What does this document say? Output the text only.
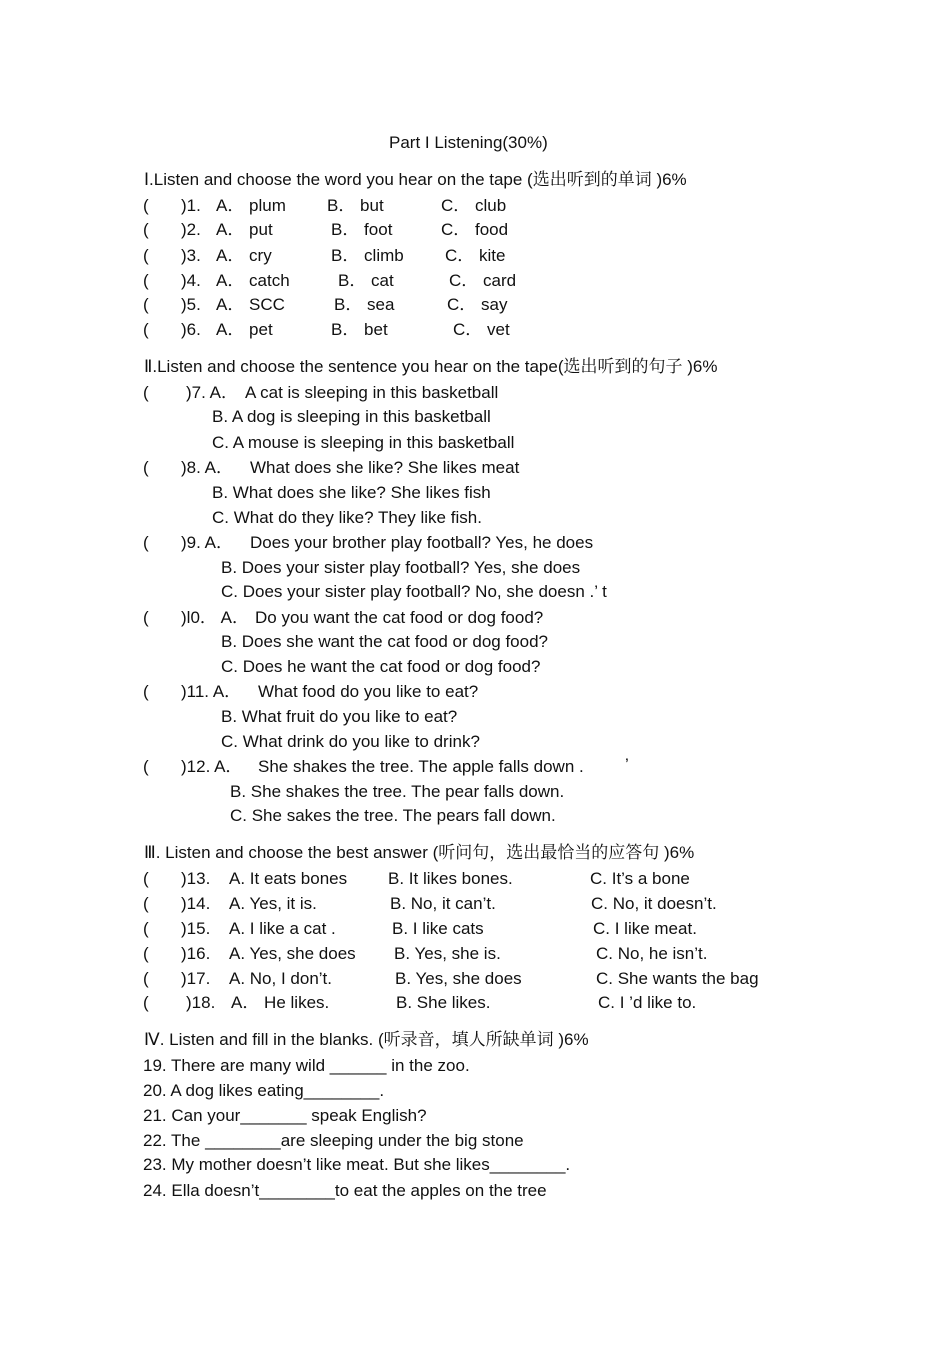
Part I Listening(30%)
Ⅰ.Listen and choose the word you hear on the tape (选出听到的单词 )6%
( )1. A． plum B． but	C． club
( )2. A． put	B． foot	C． food
( )3. A． cry	B． climb C． kite
( )4. A． catch	B． cat	C． card
( )5. A． SCC	B． sea	C． say
( )6. A． pet	B． bet	C． vet
Ⅱ.Listen and choose the sentence you hear on the tape(选出听到的句子 )6%
( )7. A． A cat is sleeping in this basketball
B. A dog is sleeping in this basketball
C. A mouse is sleeping in this basketball
( )8. A． What does she like? She likes meat
B. What does she like? She likes fish
C. What do they like? They like fish.
( )9. A． Does your brother play football? Yes, he does
B. Does your sister play football? Yes, she does
C. Does your sister play football? No, she doesn .’ t
( )l0． A． Do you want the cat food or dog food?
B. Does she want the cat food or dog food?
C. Does he want the cat food or dog food?
( )11. A． What food do you like to eat?
B. What fruit do you like to eat?
C. What drink do you like to drink?
( )12. A． She shakes the tree. The apple falls down .
B. She shakes the tree. The pear falls down.
C. She sakes the tree. The pears fall down.
’
Ⅲ. Listen and choose the best answer (听问句，选出最恰当的应答句 )6%
( )13. A. It eats bones B. It likes bones.	C. It’s a bone
( )14. A. Yes, it is.	B. No, it can’t.	C. No, it doesn’t.
( )15. A. I like a cat .	B. I like cats	C. I like meat.
( )16. A. Yes, she does B. Yes, she is.	C. No, he isn’t.
( )17. A. No, I don’t.	B. Yes, she does	C. She wants the bag
( )18. A． He likes.	B. She likes.	C. I ’d like to.
Ⅳ. Listen and fill in the blanks. (听录音，填人所缺单词 )6%
19. There are many wild ______ in the zoo.
20. A dog likes eating________.
21. Can your_______ speak English?
22. The ________are sleeping under the big stone
23. My mother doesn’t like meat. But she likes________.
24. Ella doesn’t________to eat the apples on the tree
